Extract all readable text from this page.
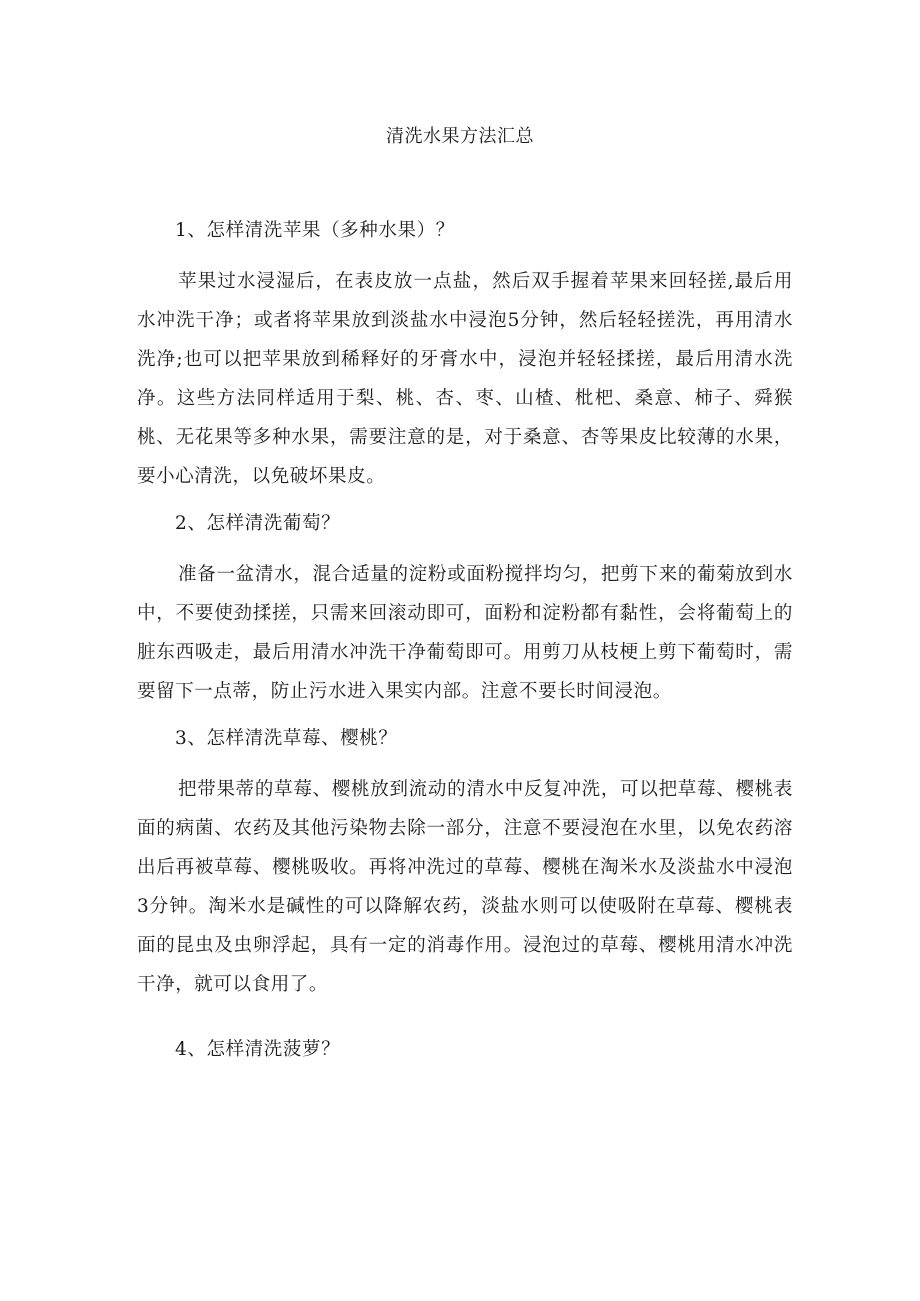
清洗水果方法汇总

1、怎样清洗苹果（多种水果）？

苹果过水浸湿后，在表皮放一点盐，然后双手握着苹果来回轻搓,最后用水冲洗干净；或者将苹果放到淡盐水中浸泡5分钟，然后轻轻搓洗，再用清水洗净;也可以把苹果放到稀释好的牙膏水中，浸泡并轻轻揉搓，最后用清水洗净。这些方法同样适用于梨、桃、杏、枣、山楂、枇杷、桑意、柿子、舜猴桃、无花果等多种水果，需要注意的是，对于桑意、杏等果皮比较薄的水果，要小心清洗，以免破坏果皮。

2、怎样清洗葡萄？

准备一盆清水，混合适量的淀粉或面粉搅拌均匀，把剪下来的葡菊放到水中，不要使劲揉搓，只需来回滚动即可，面粉和淀粉都有黏性，会将葡萄上的脏东西吸走，最后用清水冲洗干净葡萄即可。用剪刀从枝梗上剪下葡萄时，需要留下一点蒂，防止污水进入果实内部。注意不要长时间浸泡。

3、怎样清洗草莓、樱桃？

把带果蒂的草莓、樱桃放到流动的清水中反复冲洗，可以把草莓、樱桃表面的病菌、农药及其他污染物去除一部分，注意不要浸泡在水里，以免农药溶出后再被草莓、樱桃吸收。再将冲洗过的草莓、樱桃在淘米水及淡盐水中浸泡3分钟。淘米水是碱性的可以降解农药，淡盐水则可以使吸附在草莓、樱桃表面的昆虫及虫卵浮起，具有一定的消毒作用。浸泡过的草莓、樱桃用清水冲洗干净，就可以食用了。

4、怎样清洗菠萝？
